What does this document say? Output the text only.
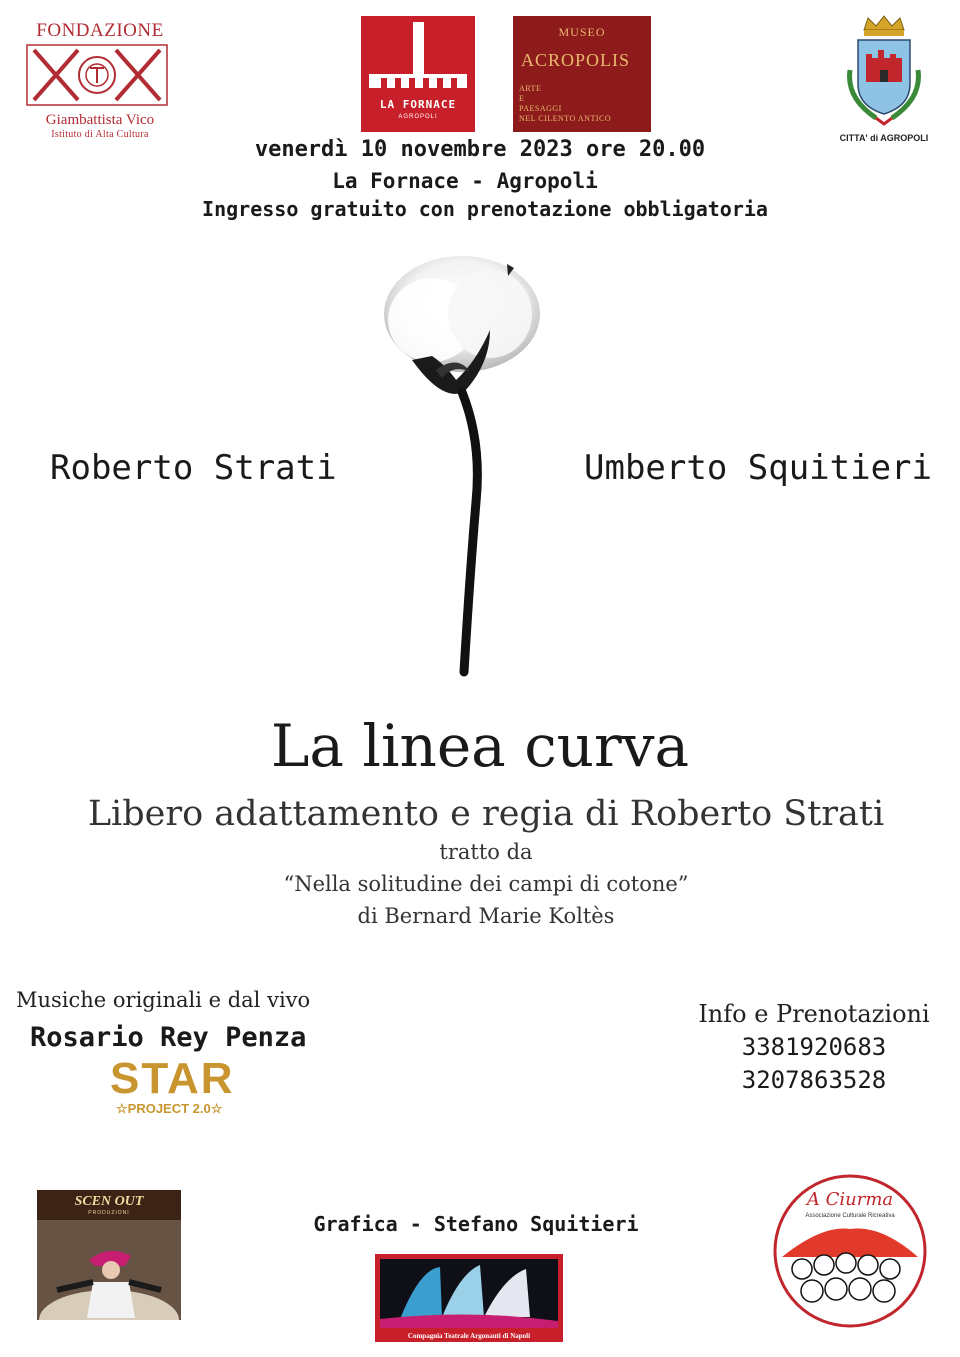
FONDAZIONE
Giambattista Vico
Istituto di Alta Cultura
LA FORNACE
AGROPOLI
MUSEO
ACROPOLIS
ARTE
E
PAESAGGI
NEL CILENTO ANTICO
CITTA' di AGROPOLI
venerdì 10 novembre 2023 ore 20.00
La Fornace - Agropoli
Ingresso gratuito con prenotazione obbligatoria
Roberto Strati	Umberto Squitieri
La linea curva
Libero adattamento e regia di Roberto Strati
tratto da
“Nella solitudine dei campi di cotone”
di Bernard Marie Koltès
Musiche originali e dal vivo
Rosario Rey Penza
STAR
☆PROJECT 2.0☆
Info e Prenotazioni
3381920683
3207863528
SCEN OUT
PRODUZIONI	Grafica - Stefano Squitieri
Compagnia Teatrale Argonauti di Napoli
A Ciurma
Associazione Culturale Ricreativa
